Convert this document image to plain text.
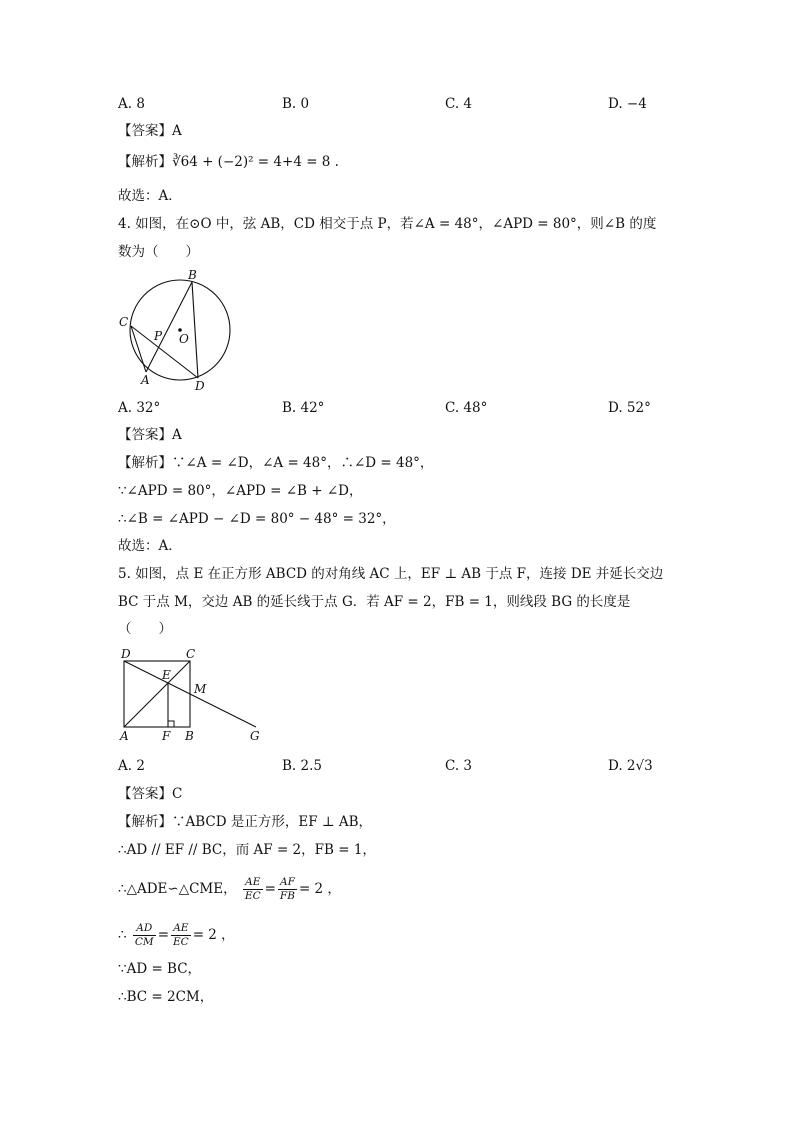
A. 8	B. 0	C. 4	D. −4
【答案】A
【解析】∛64 + (−2)² = 4+4 = 8 .
故选：A．
4. 如图，在⊙O 中，弦 AB，CD 相交于点 P，若∠A = 48°，∠APD = 80°，则∠B 的度
数为（　　）
B
C
P O
A	D
A. 32°	B. 42°	C. 48°	D. 52°
【答案】A
【解析】∵∠A = ∠D，∠A = 48°，∴∠D = 48°，
∵∠APD = 80°，∠APD = ∠B + ∠D，
∴∠B = ∠APD − ∠D = 80° − 48° = 32°，
故选：A．
5. 如图，点 E 在正方形 ABCD 的对角线 AC 上，EF ⊥ AB 于点 F，连接 DE 并延长交边
BC 于点 M，交边 AB 的延长线于点 G．若 AF = 2，FB = 1，则线段 BG 的长度是
（　　）
D	C
E
M
A	F B	G
A. 2	B. 2.5	C. 3	D. 2√3
【答案】C
【解析】∵ABCD 是正方形，EF ⊥ AB，
∴AD // EF // BC，而 AF = 2，FB = 1，
∴△ADE∽△CME， $\frac{AE}{EC} = \frac{AF}{FB} = 2$ ，
∴ $\frac{AD}{CM} = \frac{AE}{EC} = 2$ ，
∵AD = BC，
∴BC = 2CM，
